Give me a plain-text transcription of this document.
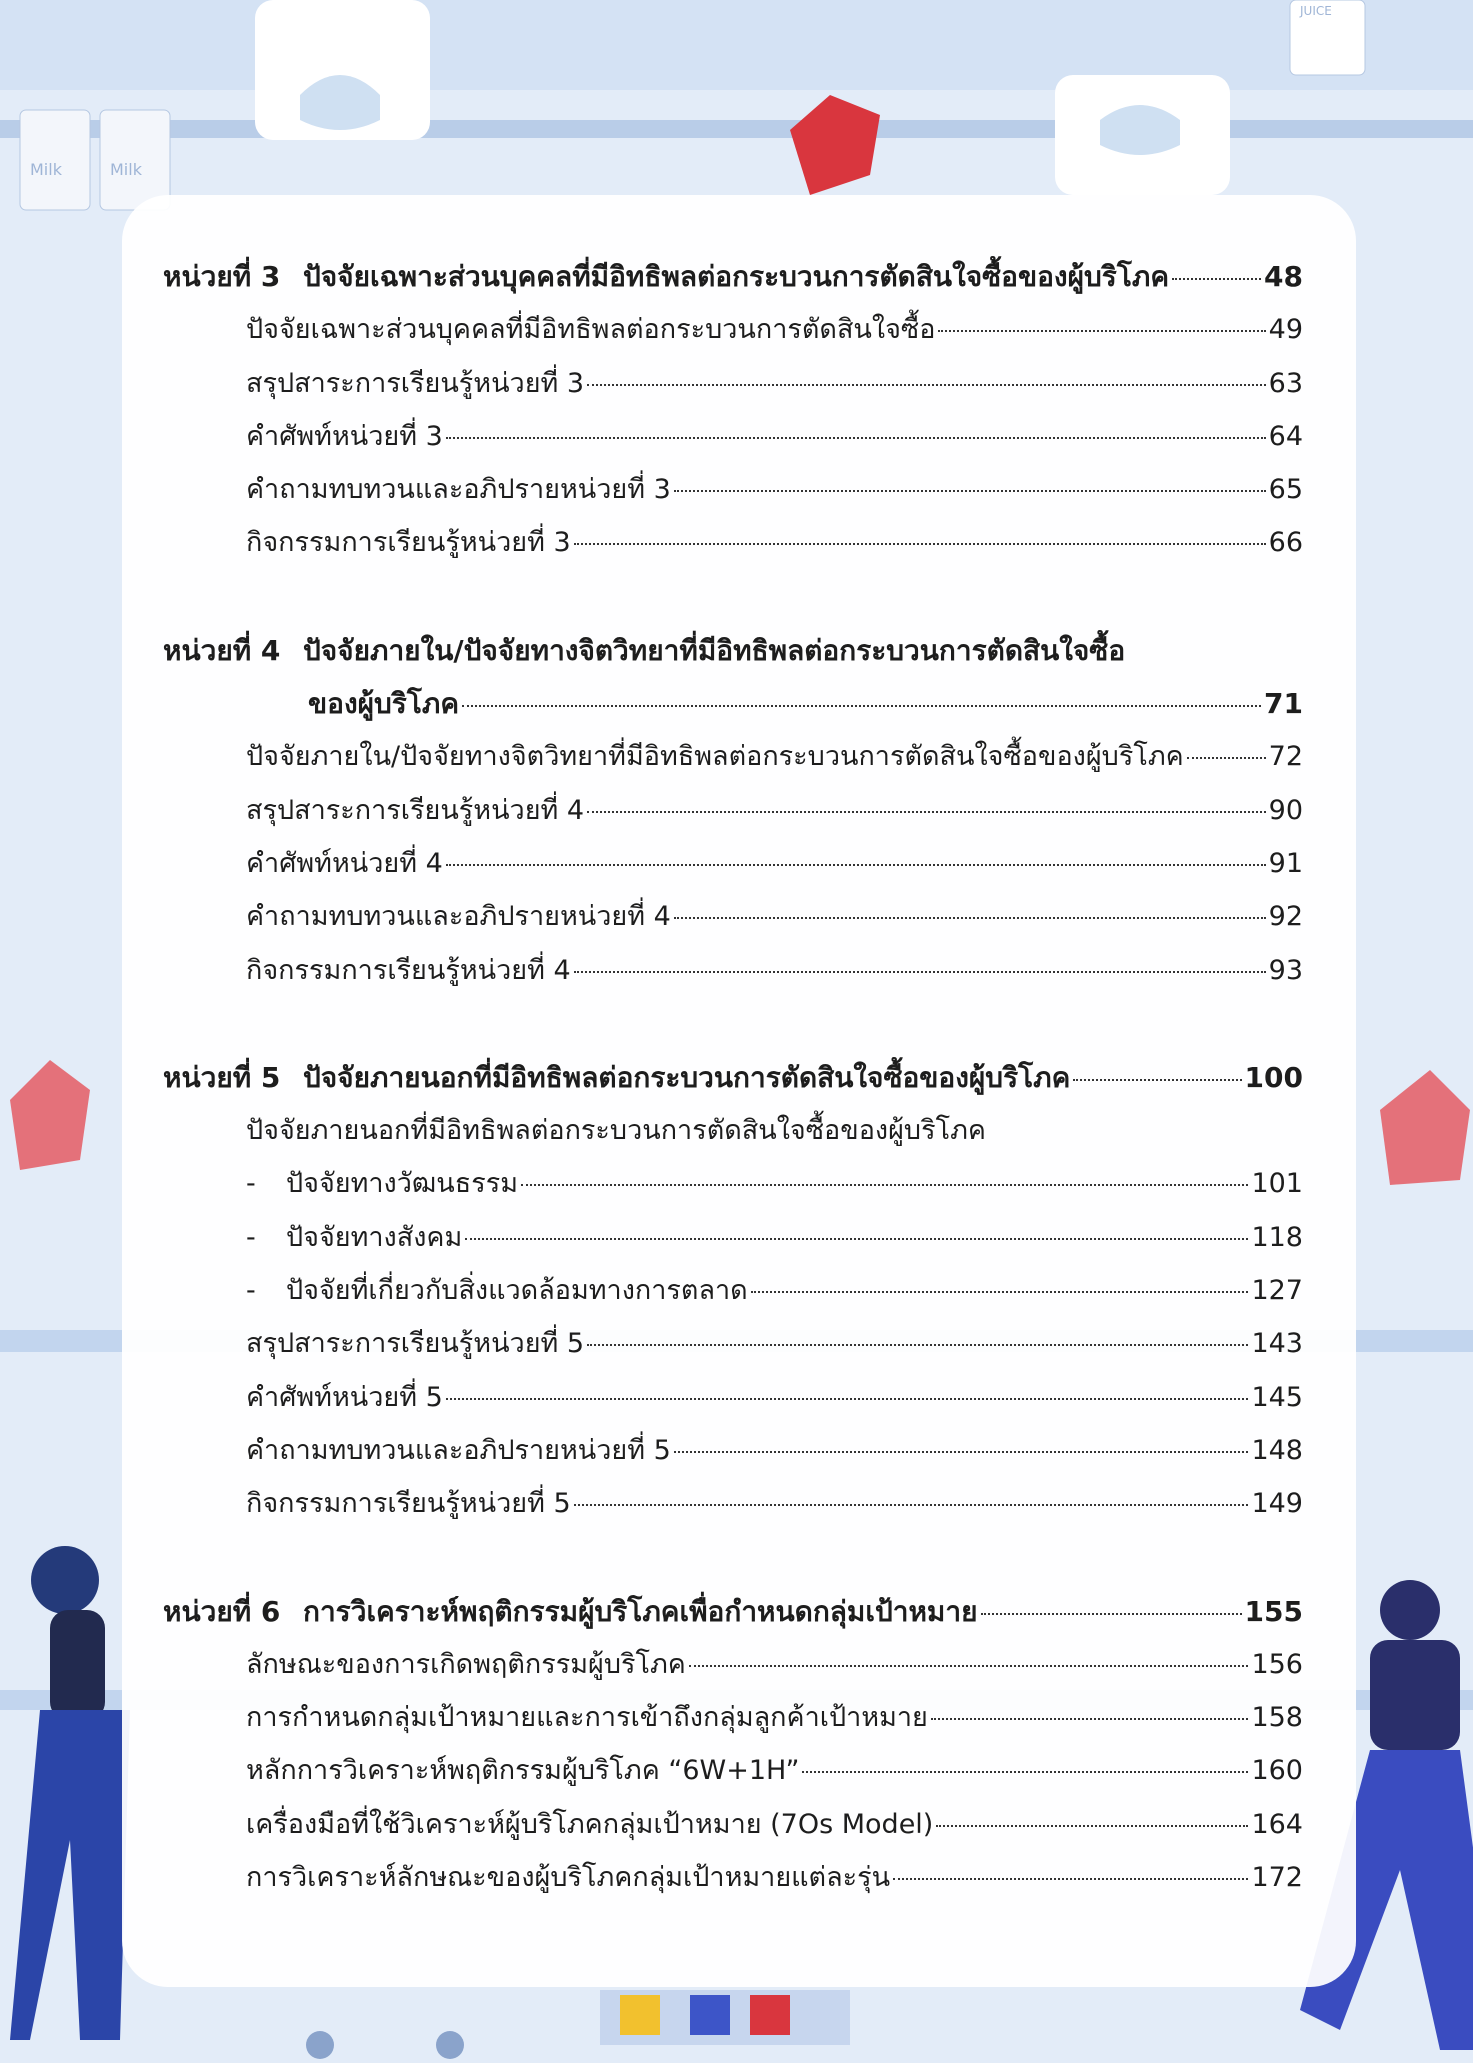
Milk	Milk
JUICE
หน่วยที่ 3 ปัจจัยเฉพาะส่วนบุคคลที่มีอิทธิพลต่อกระบวนการตัดสินใจซื้อของผู้บริโภค	48
ปัจจัยเฉพาะส่วนบุคคลที่มีอิทธิพลต่อกระบวนการตัดสินใจซื้อ	49
สรุปสาระการเรียนรู้หน่วยที่ 3	63
คำศัพท์หน่วยที่ 3	64
คำถามทบทวนและอภิปรายหน่วยที่ 3	65
กิจกรรมการเรียนรู้หน่วยที่ 3	66
หน่วยที่ 4 ปัจจัยภายใน/ปัจจัยทางจิตวิทยาที่มีอิทธิพลต่อกระบวนการตัดสินใจซื้อ
ของผู้บริโภค	71
ปัจจัยภายใน/ปัจจัยทางจิตวิทยาที่มีอิทธิพลต่อกระบวนการตัดสินใจซื้อของผู้บริโภค	72
สรุปสาระการเรียนรู้หน่วยที่ 4	90
คำศัพท์หน่วยที่ 4	91
คำถามทบทวนและอภิปรายหน่วยที่ 4	92
กิจกรรมการเรียนรู้หน่วยที่ 4	93
หน่วยที่ 5 ปัจจัยภายนอกที่มีอิทธิพลต่อกระบวนการตัดสินใจซื้อของผู้บริโภค	100
ปัจจัยภายนอกที่มีอิทธิพลต่อกระบวนการตัดสินใจซื้อของผู้บริโภค
-	ปัจจัยทางวัฒนธรรม	101
-	ปัจจัยทางสังคม	118
-	ปัจจัยที่เกี่ยวกับสิ่งแวดล้อมทางการตลาด	127
สรุปสาระการเรียนรู้หน่วยที่ 5	143
คำศัพท์หน่วยที่ 5	145
คำถามทบทวนและอภิปรายหน่วยที่ 5	148
กิจกรรมการเรียนรู้หน่วยที่ 5	149
หน่วยที่ 6 การวิเคราะห์พฤติกรรมผู้บริโภคเพื่อกำหนดกลุ่มเป้าหมาย	155
ลักษณะของการเกิดพฤติกรรมผู้บริโภค	156
การกำหนดกลุ่มเป้าหมายและการเข้าถึงกลุ่มลูกค้าเป้าหมาย	158
หลักการวิเคราะห์พฤติกรรมผู้บริโภค “6W+1H”	160
เครื่องมือที่ใช้วิเคราะห์ผู้บริโภคกลุ่มเป้าหมาย (7Os Model)	164
การวิเคราะห์ลักษณะของผู้บริโภคกลุ่มเป้าหมายแต่ละรุ่น	172
